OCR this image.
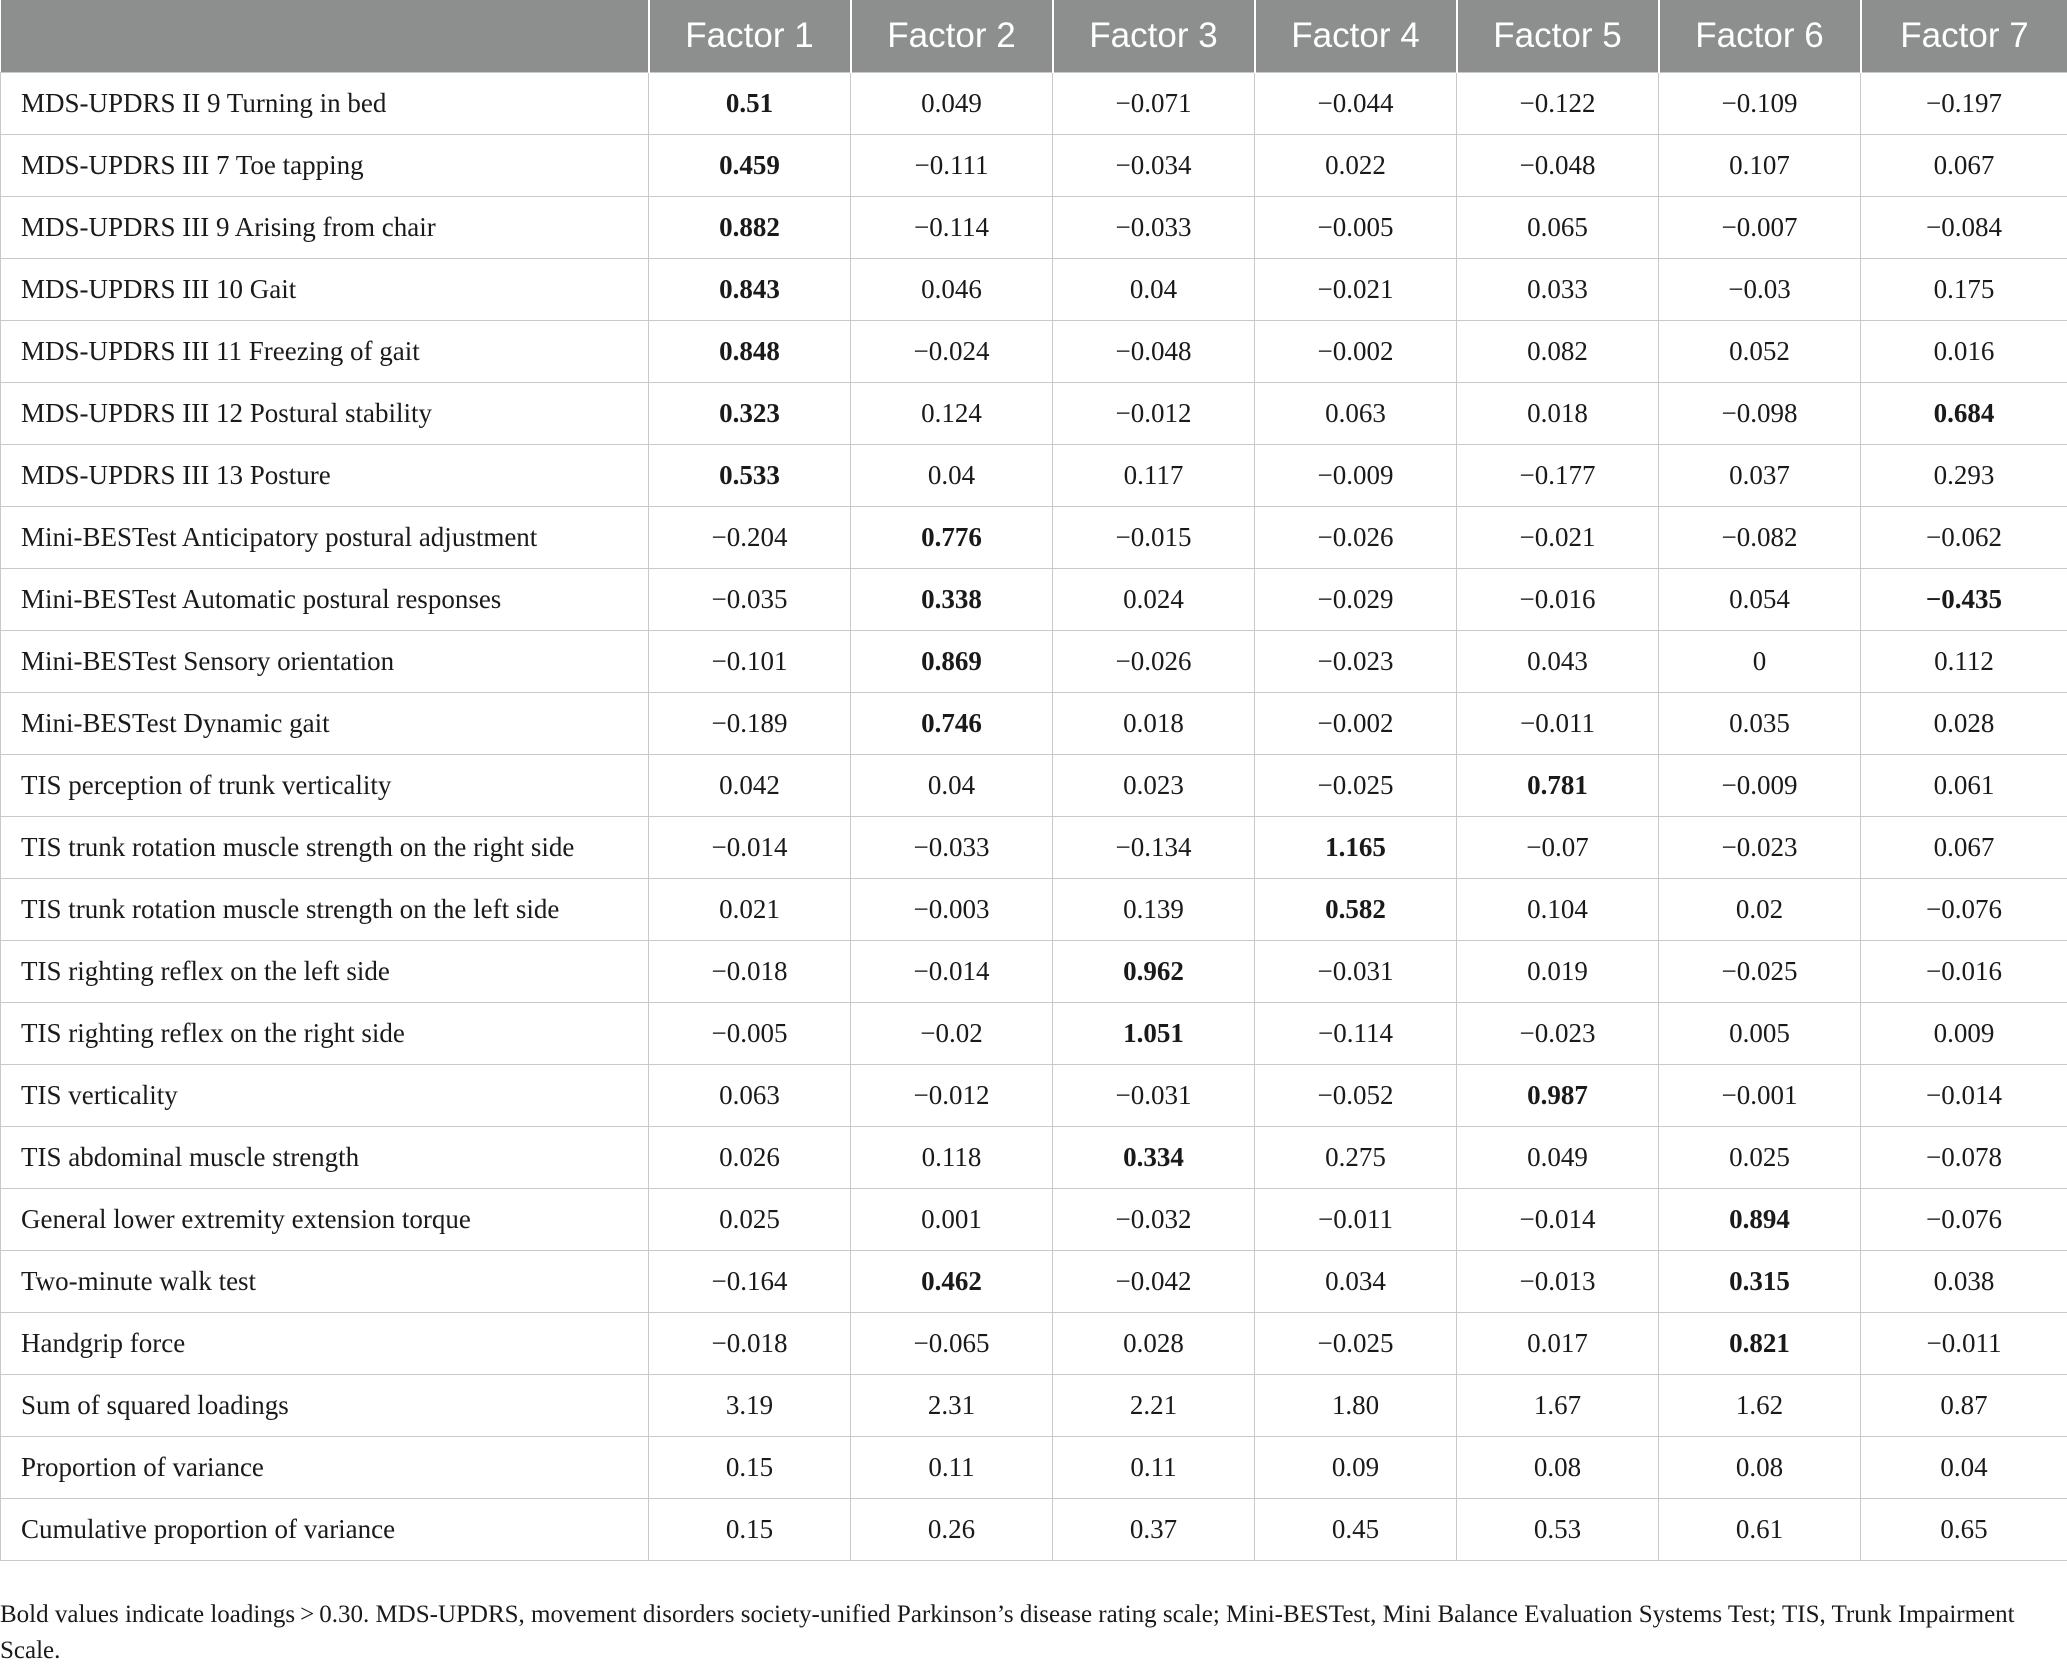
	Factor 1	Factor 2	Factor 3	Factor 4	Factor 5	Factor 6	Factor 7
MDS-UPDRS II 9 Turning in bed	0.51	0.049	−0.071	−0.044	−0.122	−0.109	−0.197
MDS-UPDRS III 7 Toe tapping	0.459	−0.111	−0.034	0.022	−0.048	0.107	0.067
MDS-UPDRS III 9 Arising from chair	0.882	−0.114	−0.033	−0.005	0.065	−0.007	−0.084
MDS-UPDRS III 10 Gait	0.843	0.046	0.04	−0.021	0.033	−0.03	0.175
MDS-UPDRS III 11 Freezing of gait	0.848	−0.024	−0.048	−0.002	0.082	0.052	0.016
MDS-UPDRS III 12 Postural stability	0.323	0.124	−0.012	0.063	0.018	−0.098	0.684
MDS-UPDRS III 13 Posture	0.533	0.04	0.117	−0.009	−0.177	0.037	0.293
Mini-BESTest Anticipatory postural adjustment	−0.204	0.776	−0.015	−0.026	−0.021	−0.082	−0.062
Mini-BESTest Automatic postural responses	−0.035	0.338	0.024	−0.029	−0.016	0.054	−0.435
Mini-BESTest Sensory orientation	−0.101	0.869	−0.026	−0.023	0.043	0	0.112
Mini-BESTest Dynamic gait	−0.189	0.746	0.018	−0.002	−0.011	0.035	0.028
TIS perception of trunk verticality	0.042	0.04	0.023	−0.025	0.781	−0.009	0.061
TIS trunk rotation muscle strength on the right side	−0.014	−0.033	−0.134	1.165	−0.07	−0.023	0.067
TIS trunk rotation muscle strength on the left side	0.021	−0.003	0.139	0.582	0.104	0.02	−0.076
TIS righting reflex on the left side	−0.018	−0.014	0.962	−0.031	0.019	−0.025	−0.016
TIS righting reflex on the right side	−0.005	−0.02	1.051	−0.114	−0.023	0.005	0.009
TIS verticality	0.063	−0.012	−0.031	−0.052	0.987	−0.001	−0.014
TIS abdominal muscle strength	0.026	0.118	0.334	0.275	0.049	0.025	−0.078
General lower extremity extension torque	0.025	0.001	−0.032	−0.011	−0.014	0.894	−0.076
Two-minute walk test	−0.164	0.462	−0.042	0.034	−0.013	0.315	0.038
Handgrip force	−0.018	−0.065	0.028	−0.025	0.017	0.821	−0.011
Sum of squared loadings	3.19	2.31	2.21	1.80	1.67	1.62	0.87
Proportion of variance	0.15	0.11	0.11	0.09	0.08	0.08	0.04
Cumulative proportion of variance	0.15	0.26	0.37	0.45	0.53	0.61	0.65
Bold values indicate loadings > 0.30. MDS-UPDRS, movement disorders society-unified Parkinson’s disease rating scale; Mini-BESTest, Mini Balance Evaluation Systems Test; TIS, Trunk Impairment Scale.
